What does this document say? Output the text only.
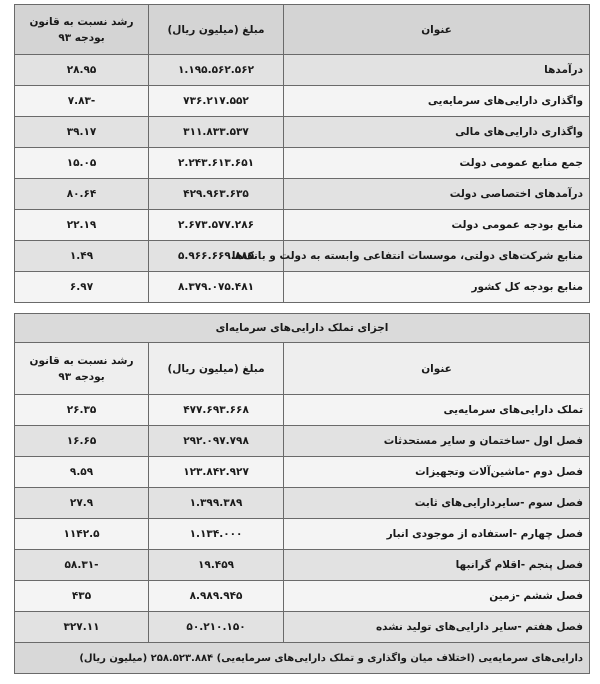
عنوان	مبلغ (میلیون ریال)	رشد نسبت به قانون بودجه ۹۳
درآمدها	۱.۱۹۵.۵۶۲.۵۶۲	۲۸.۹۵
واگذاری دارایی‌های سرمایه‌یی	۷۳۶.۲۱۷.۵۵۲	-۷.۸۳
واگذاری دارایی‌های مالی	۳۱۱.۸۳۳.۵۳۷	۳۹.۱۷
جمع منابع عمومی دولت	۲.۲۴۳.۶۱۳.۶۵۱	۱۵.۰۵
درآمدهای اختصاصی دولت	۴۲۹.۹۶۳.۶۳۵	۸۰.۶۴
منابع بودجه عمومی دولت	۲.۶۷۳.۵۷۷.۲۸۶	۲۲.۱۹
منابع شرکت‌های دولتی، موسسات انتفاعی وابسته به دولت و بانک‌ها	۵.۹۶۶.۶۶۹.۸۸۵	۱.۴۹
منابع بودجه کل کشور	۸.۳۷۹.۰۷۵.۴۸۱	۶.۹۷
اجزای تملک دارایی‌های سرمایه‌ای		
عنوان	مبلغ (میلیون ریال)	رشد نسبت به قانون بودجه ۹۳
تملک دارایی‌های سرمایه‌یی	۴۷۷.۶۹۳.۶۶۸	۲۶.۳۵
فصل اول -ساختمان و سایر مستحدثات	۲۹۲.۰۹۷.۷۹۸	۱۶.۶۵
فصل دوم -ماشین‌آلات وتجهیزات	۱۲۳.۸۴۲.۹۲۷	۹.۵۹
فصل سوم -سایردارایی‌های ثابت	۱.۳۹۹.۳۸۹	۲۷.۹
فصل چهارم -استفاده از موجودی انبار	۱.۱۳۴.۰۰۰	۱۱۴۲.۵
فصل پنجم -اقلام گرانبها	۱۹.۴۵۹	-۵۸.۳۱
فصل ششم -زمین	۸.۹۸۹.۹۴۵	۴۳۵
فصل هفتم -سایر دارایی‌های تولید نشده	۵۰.۲۱۰.۱۵۰	۳۲۷.۱۱
دارایی‌های سرمایه‌یی (اختلاف میان واگذاری و تملک دارایی‌های سرمایه‌یی) ۲۵۸.۵۲۳.۸۸۴ (میلیون ریال)		
